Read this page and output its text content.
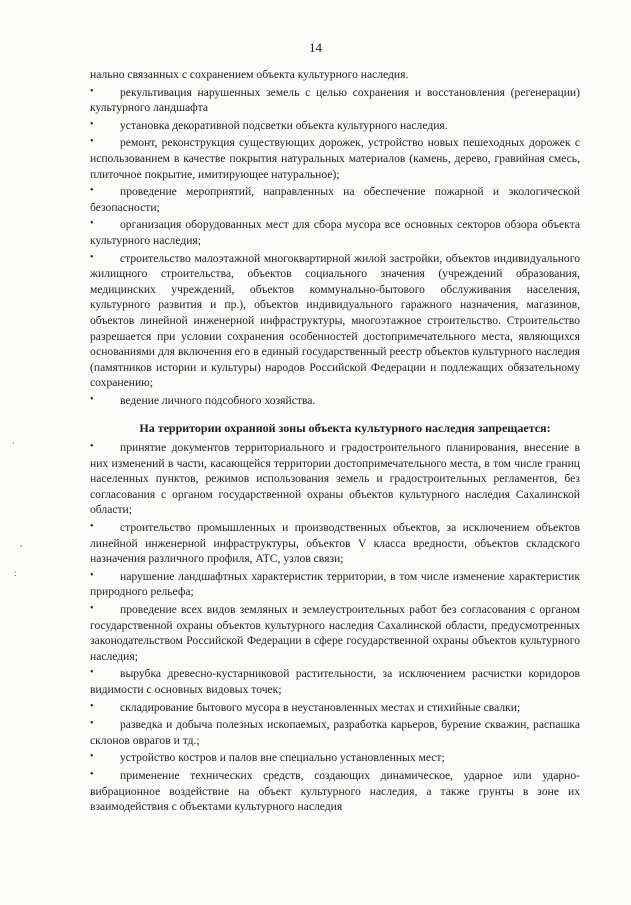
14
·
,
:

нально связанных с сохранением объекта культурного наследия.

• рекультивация нарушенных земель с целью сохранения и восстановления (регенерации) культурного ландшафта
• установка декоративной подсветки объекта культурного наследия.
• ремонт, реконструкция существующих дорожек, устройство новых пешеходных дорожек с использованием в качестве покрытия натуральных материалов (камень, дерево, гравийная смесь, плиточное покрытие, имитирующее натуральное);
• проведение мероприятий, направленных на обеспечение пожарной и экологической безопасности;
• организация оборудованных мест для сбора мусора все основных секторов обзора объекта культурного наследия;
• строительство малоэтажной многоквартирной жилой застройки, объектов индивидуального жилищного строительства, объектов социального значения (учреждений образования, медицинских учреждений, объектов коммунально-бытового обслуживания населения, культурного развития и пр.), объектов индивидуального гаражного назначения, магазинов, объектов линейной инженерной инфраструктуры, многоэтажное строительство. Строительство разрешается при условии сохранения особенностей достопримечательного места, являющихся основаниями для включения его в единый государственный реестр объектов культурного наследия (памятников истории и культуры) народов Российской Федерации и подлежащих обязательному сохранению;
• ведение личного подсобного хозяйства.
На территории охранной зоны объекта культурного наследия запрещается:
• принятие документов территориального и градостроительного планирования, внесение в них изменений в части, касающейся территории достопримечательного места, в том числе границ населенных пунктов, режимов использования земель и градостроительных регламентов, без согласования с органом государственной охраны объектов культурного наследия Сахалинской области;
• строительство промышленных и производственных объектов, за исключением объектов линейной инженерной инфраструктуры, объектов V класса вредности, объектов складского назначения различного профиля, АТС, узлов связи;
• нарушение ландшафтных характеристик территории, в том числе изменение характеристик природного рельефа;
• проведение всех видов земляных и землеустроительных работ без согласования с органом государственной охраны объектов культурного наследия Сахалинской области, предусмотренных законодательством Российской Федерации в сфере государственной охраны объектов культурного наследия;
• вырубка древесно-кустарниковой растительности, за исключением расчистки коридоров видимости с основных видовых точек;
• складирование бытового мусора в неустановленных местах и стихийные свалки;
• разведка и добыча полезных ископаемых, разработка карьеров, бурение скважин, распашка склонов оврагов и тд.;
• устройство костров и палов вне специально установленных мест;
• применение технических средств, создающих динамическое, ударное или ударно-вибрационное воздействие на объект культурного наследия, а также грунты в зоне их взаимодействия с объектами культурного наследия
